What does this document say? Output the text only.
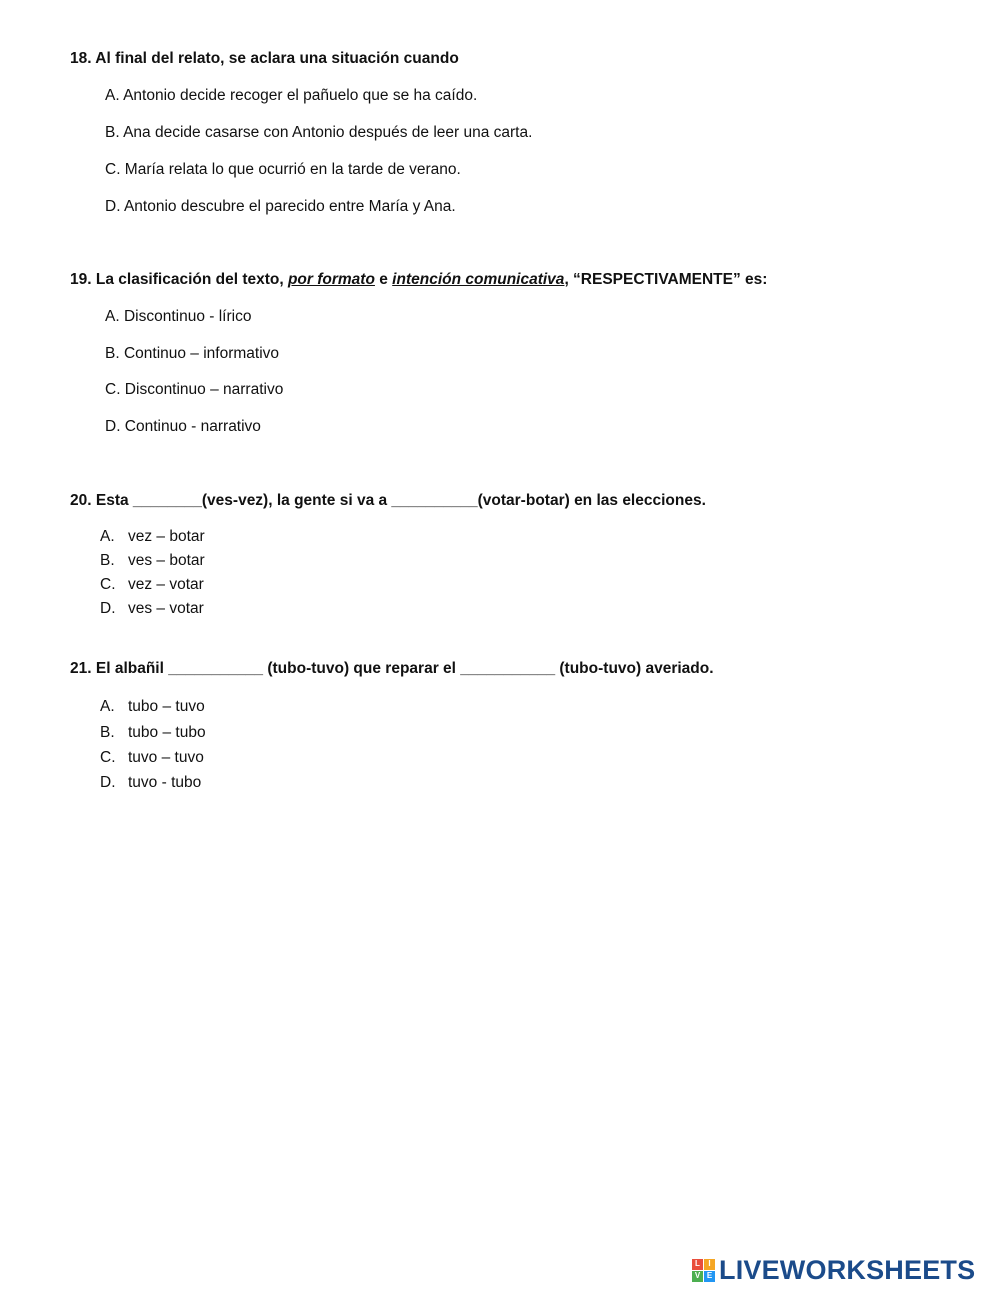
18. Al final del relato, se aclara una situación cuando
A. Antonio decide recoger el pañuelo que se ha caído.
B. Ana decide casarse con Antonio después de leer una carta.
C. María relata lo que ocurrió en la tarde de verano.
D. Antonio descubre el parecido entre María y Ana.
19. La clasificación del texto, por formato e intención comunicativa, “RESPECTIVAMENTE” es:
A. Discontinuo - lírico
B. Continuo – informativo
C. Discontinuo – narrativo
D. Continuo - narrativo
20. Esta ________(ves-vez), la gente si va a __________(votar-botar) en las elecciones.
A. vez – botar
B. ves – botar
C. vez – votar
D. ves – votar
21. El albañil ___________ (tubo-tuvo) que reparar el ___________ (tubo-tuvo) averiado.
A. tubo – tuvo
B. tubo – tubo
C. tuvo – tuvo
D. tuvo - tubo
L	I
V E LIVEWORKSHEETS
